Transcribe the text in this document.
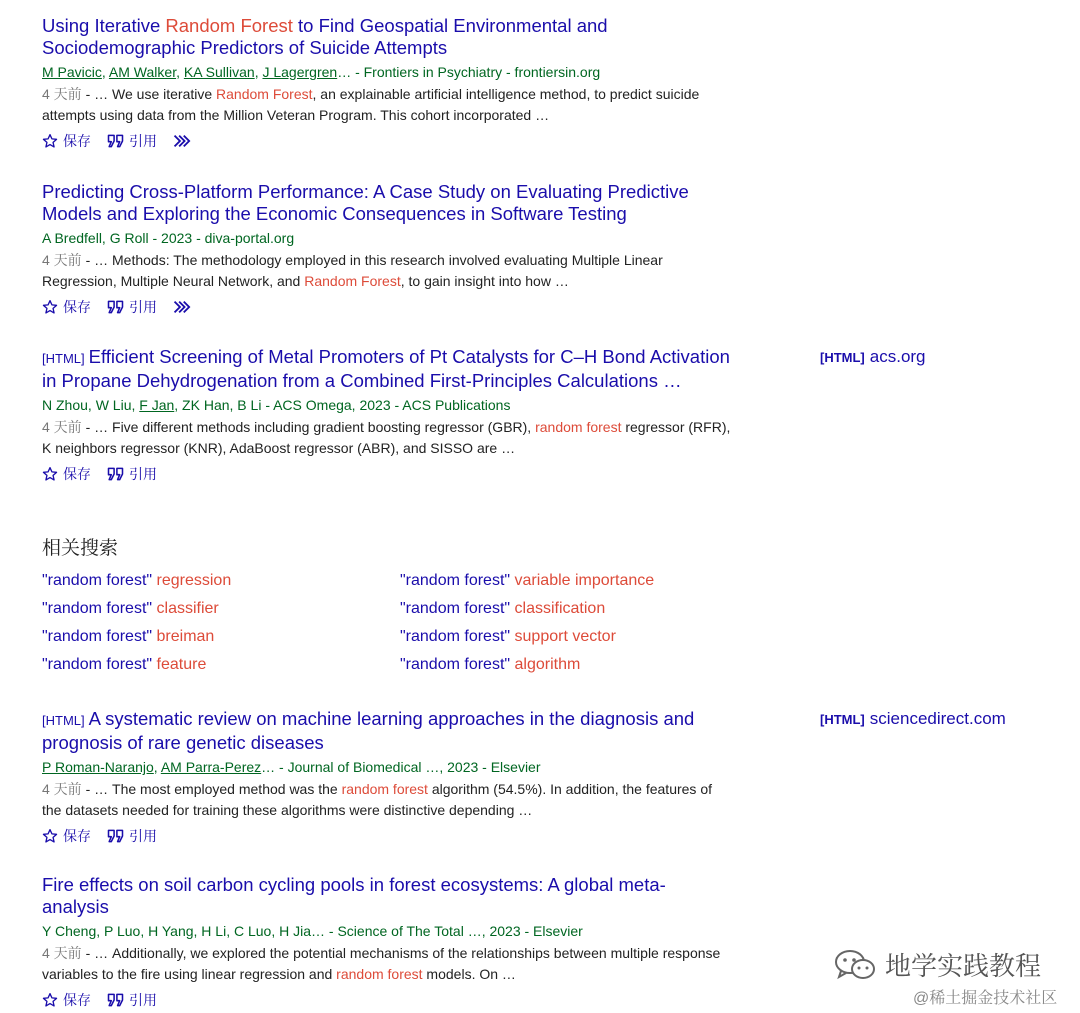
Using Iterative Random Forest to Find Geospatial Environmental and Sociodemographic Predictors of Suicide Attempts
M Pavicic, AM Walker, KA Sullivan, J Lagergren… - Frontiers in Psychiatry - frontiersin.org
4 天前 - … We use iterative Random Forest, an explainable artificial intelligence method, to predict suicide attempts using data from the Million Veteran Program. This cohort incorporated …
保存	引用
Predicting Cross-Platform Performance: A Case Study on Evaluating Predictive Models and Exploring the Economic Consequences in Software Testing
A Bredfell, G Roll - 2023 - diva-portal.org
4 天前 - … Methods: The methodology employed in this research involved evaluating Multiple Linear Regression, Multiple Neural Network, and Random Forest, to gain insight into how …
保存	引用
[HTML] Efficient Screening of Metal Promoters of Pt Catalysts for C–H Bond Activation in Propane Dehydrogenation from a Combined First-Principles Calculations …
N Zhou, W Liu, F Jan, ZK Han, B Li - ACS Omega, 2023 - ACS Publications
4 天前 - … Five different methods including gradient boosting regressor (GBR), random forest regressor (RFR), K neighbors regressor (KNR), AdaBoost regressor (ABR), and SISSO are …
保存	引用
[HTML] acs.org
相关搜索
"random forest" regression	"random forest" variable importance
"random forest" classifier	"random forest" classification
"random forest" breiman	"random forest" support vector
"random forest" feature	"random forest" algorithm
[HTML] A systematic review on machine learning approaches in the diagnosis and prognosis of rare genetic diseases
P Roman-Naranjo, AM Parra-Perez… - Journal of Biomedical …, 2023 - Elsevier
4 天前 - … The most employed method was the random forest algorithm (54.5%). In addition, the features of the datasets needed for training these algorithms were distinctive depending …
保存	引用
[HTML] sciencedirect.com
Fire effects on soil carbon cycling pools in forest ecosystems: A global meta-analysis
Y Cheng, P Luo, H Yang, H Li, C Luo, H Jia… - Science of The Total …, 2023 - Elsevier
4 天前 - … Additionally, we explored the potential mechanisms of the relationships between multiple response variables to the fire using linear regression and random forest models. On …
保存	引用
地学实践教程
@稀土掘金技术社区
